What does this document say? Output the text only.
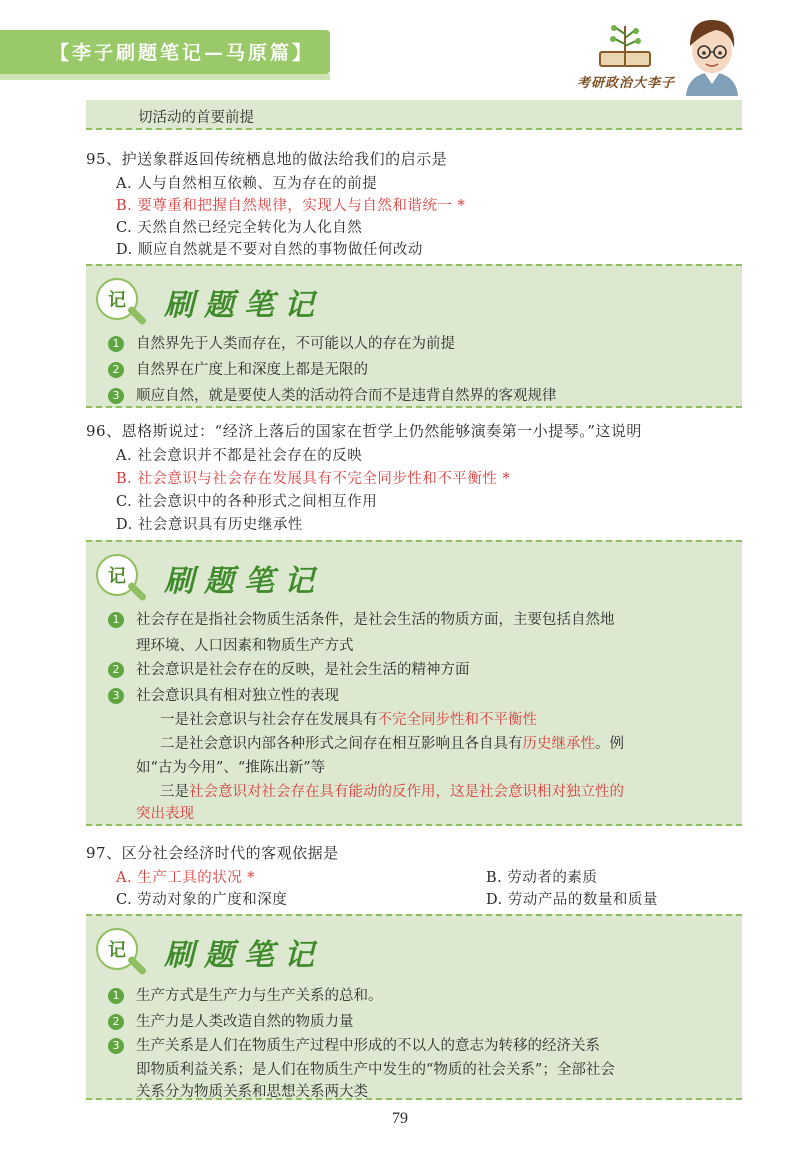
【李子刷题笔记—马原篇】
考研政治大李子
切活动的首要前提
95、护送象群返回传统栖息地的做法给我们的启示是
A. 人与自然相互依赖、互为存在的前提
B. 要尊重和把握自然规律，实现人与自然和谐统一 *
C. 天然自然已经完全转化为人化自然
D. 顺应自然就是不要对自然的事物做任何改动
记	刷题笔记
1 自然界先于人类而存在，不可能以人的存在为前提
2 自然界在广度上和深度上都是无限的
3 顺应自然，就是要使人类的活动符合而不是违背自然界的客观规律
96、恩格斯说过：“经济上落后的国家在哲学上仍然能够演奏第一小提琴。”这说明
A. 社会意识并不都是社会存在的反映
B. 社会意识与社会存在发展具有不完全同步性和不平衡性 *
C. 社会意识中的各种形式之间相互作用
D. 社会意识具有历史继承性
记	刷题笔记
1 社会存在是指社会物质生活条件，是社会生活的物质方面，主要包括自然地
理环境、人口因素和物质生产方式
2 社会意识是社会存在的反映，是社会生活的精神方面
3 社会意识具有相对独立性的表现
一是社会意识与社会存在发展具有不完全同步性和不平衡性
二是社会意识内部各种形式之间存在相互影响且各自具有历史继承性。例
如“古为今用”、“推陈出新”等
三是社会意识对社会存在具有能动的反作用，这是社会意识相对独立性的
突出表现
97、区分社会经济时代的客观依据是
A. 生产工具的状况 *	B. 劳动者的素质
C. 劳动对象的广度和深度	D. 劳动产品的数量和质量
记	刷题笔记
1 生产方式是生产力与生产关系的总和。
2 生产力是人类改造自然的物质力量
3 生产关系是人们在物质生产过程中形成的不以人的意志为转移的经济关系
即物质利益关系；是人们在物质生产中发生的“物质的社会关系”；全部社会
关系分为物质关系和思想关系两大类
79
